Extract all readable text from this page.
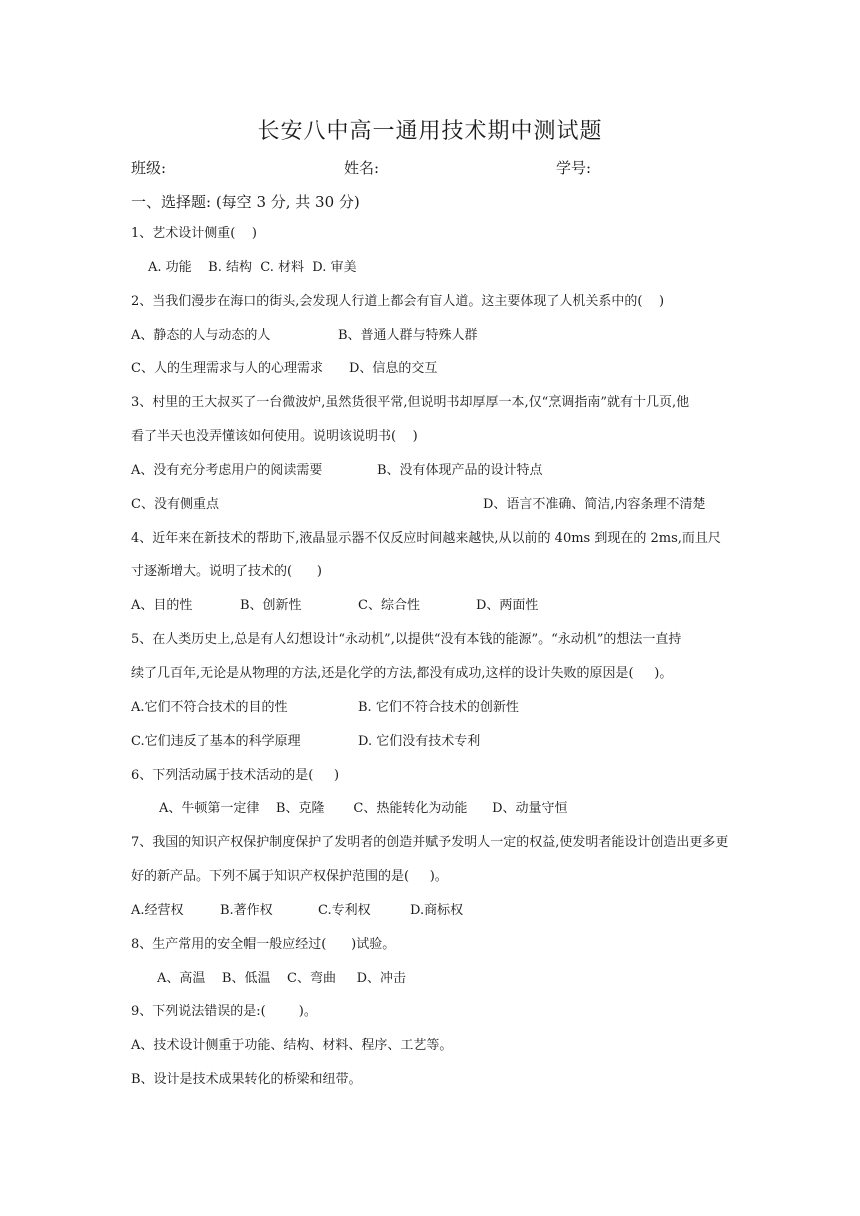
长安八中高一通用技术期中测试题
班级:	姓名:	学号:
一、选择题: (每空 3 分, 共 30 分)
1、艺术设计侧重(    )
A. 功能    B. 结构  C. 材料  D. 审美
2、当我们漫步在海口的街头,会发现人行道上都会有盲人道。这主要体现了人机关系中的(    )
A、静态的人与动态的人	B、普通人群与特殊人群
C、人的生理需求与人的心理需求 D、信息的交互
3、村里的王大叔买了一台微波炉,虽然货很平常,但说明书却厚厚一本,仅“烹调指南”就有十几页,他
看了半天也没弄懂该如何使用。说明该说明书(    )
A、没有充分考虑用户的阅读需要	B、没有体现产品的设计特点
C、没有侧重点	D、语言不准确、简洁,内容条理不清楚
4、近年来在新技术的帮助下,液晶显示器不仅反应时间越来越快,从以前的 40ms 到现在的 2ms,而且尺
寸逐渐增大。说明了技术的(      )
A、目的性	B、创新性	C、综合性	D、两面性
5、在人类历史上,总是有人幻想设计“永动机”,以提供“没有本钱的能源”。“永动机”的想法一直持
续了几百年,无论是从物理的方法,还是化学的方法,都没有成功,这样的设计失败的原因是(     )。
A.它们不符合技术的目的性	B. 它们不符合技术的创新性
C.它们违反了基本的科学原理	D. 它们没有技术专利
6、下列活动属于技术活动的是(     )
A、牛顿第一定律    B、克隆       C、热能转化为动能      D、动量守恒
7、我国的知识产权保护制度保护了发明者的创造并赋予发明人一定的权益,使发明者能设计创造出更多更
好的新产品。下列不属于知识产权保护范围的是(     )。
A.经营权	B.著作权	C.专利权	D.商标权
8、生产常用的安全帽一般应经过(      )试验。
A、高温    B、低温    C、弯曲     D、冲击
9、下列说法错误的是:(        )。
A、技术设计侧重于功能、结构、材料、程序、工艺等。
B、设计是技术成果转化的桥梁和纽带。
